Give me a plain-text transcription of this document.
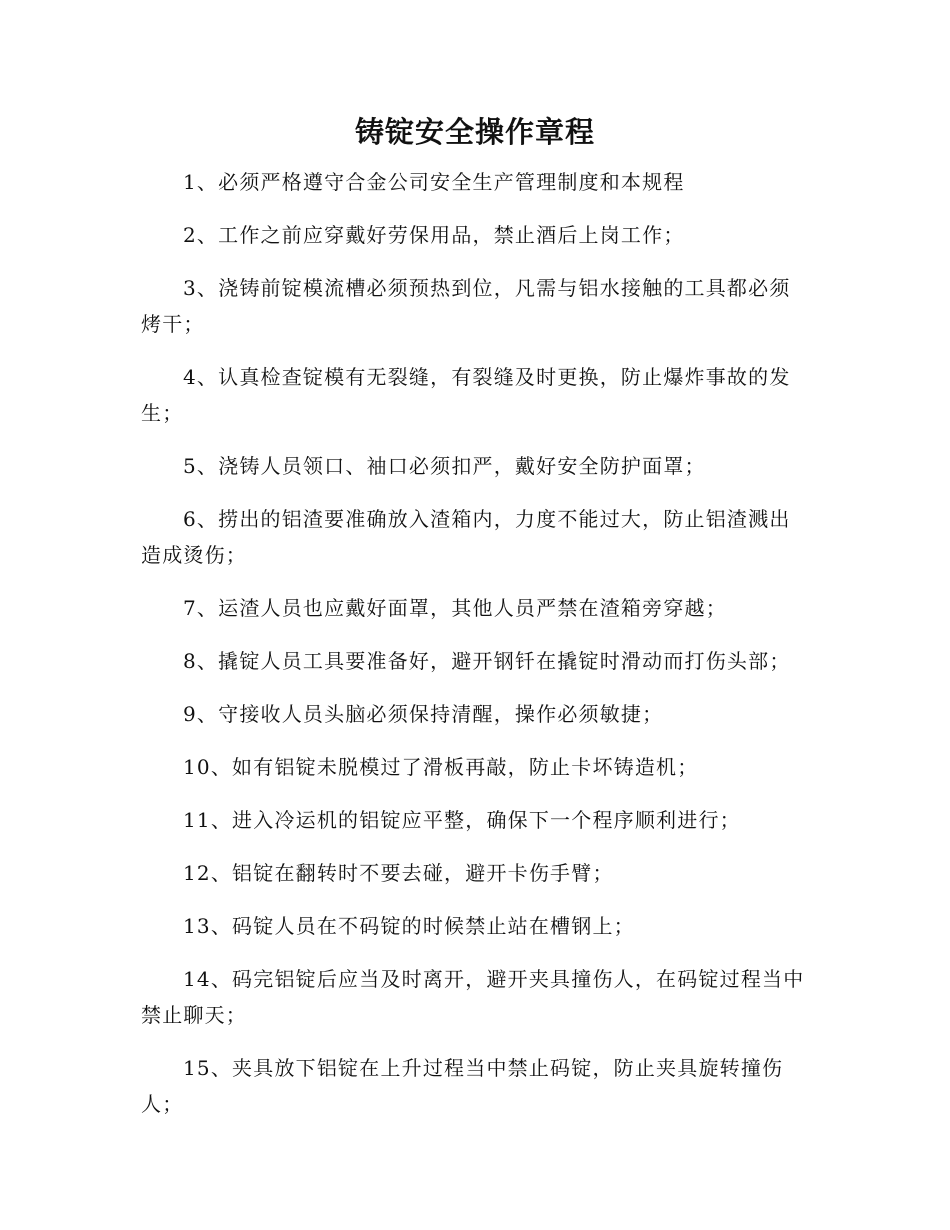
铸锭安全操作章程
1、必须严格遵守合金公司安全生产管理制度和本规程
2、工作之前应穿戴好劳保用品，禁止酒后上岗工作；
3、浇铸前锭模流槽必须预热到位，凡需与铝水接触的工具都必须烤干；
4、认真检查锭模有无裂缝，有裂缝及时更换，防止爆炸事故的发生；
5、浇铸人员领口、袖口必须扣严，戴好安全防护面罩；
6、捞出的铝渣要准确放入渣箱内，力度不能过大，防止铝渣溅出造成烫伤；
7、运渣人员也应戴好面罩，其他人员严禁在渣箱旁穿越；
8、撬锭人员工具要准备好，避开钢钎在撬锭时滑动而打伤头部；
9、守接收人员头脑必须保持清醒，操作必须敏捷；
10、如有铝锭未脱模过了滑板再敲，防止卡坏铸造机；
11、进入冷运机的铝锭应平整，确保下一个程序顺利进行；
12、铝锭在翻转时不要去碰，避开卡伤手臂；
13、码锭人员在不码锭的时候禁止站在槽钢上；
14、码完铝锭后应当及时离开，避开夹具撞伤人，在码锭过程当中禁止聊天；
15、夹具放下铝锭在上升过程当中禁止码锭，防止夹具旋转撞伤人；
